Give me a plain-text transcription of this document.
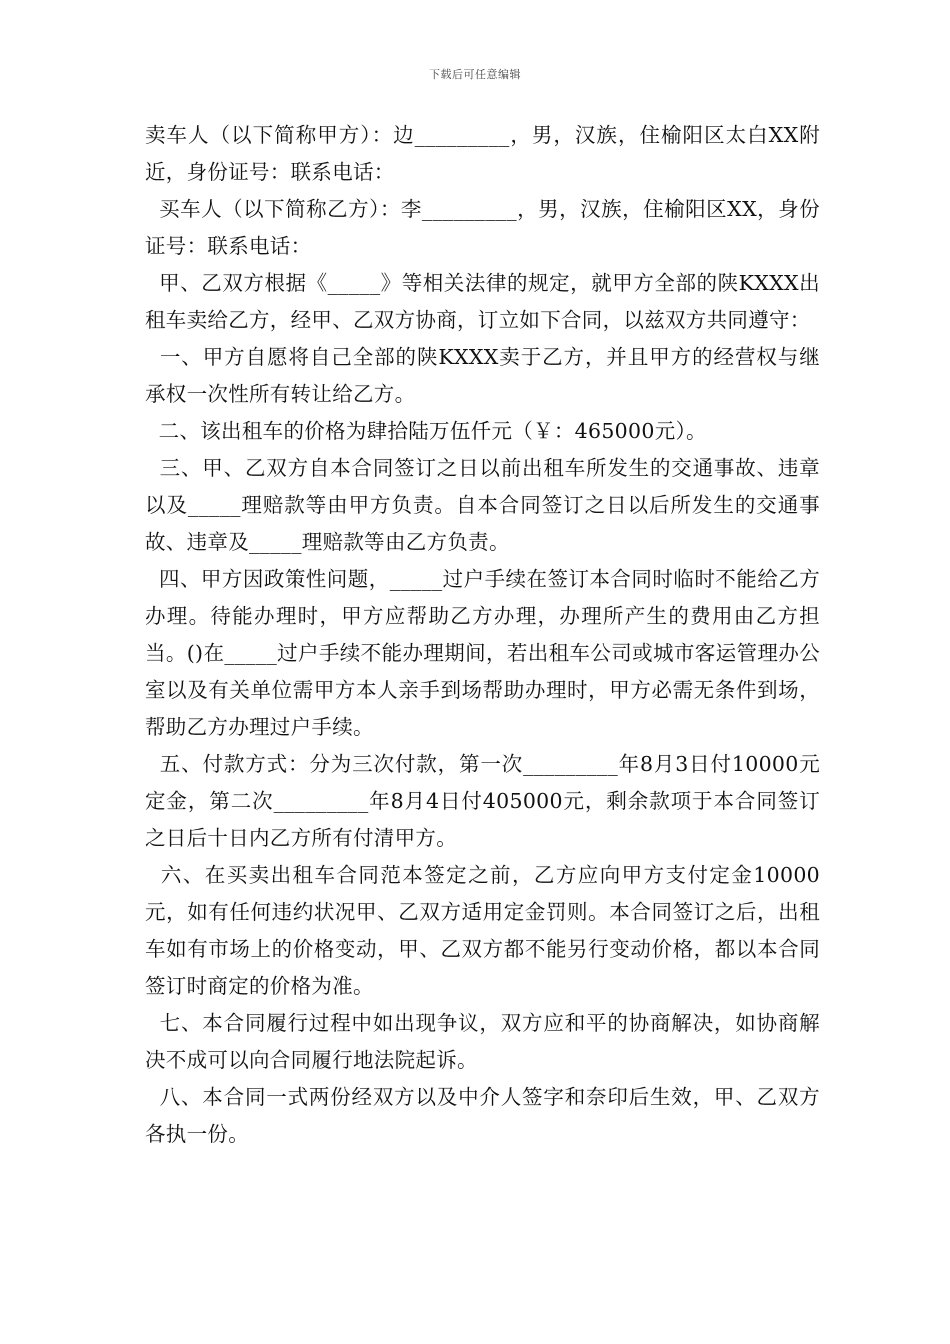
下载后可任意编辑

卖车人（以下简称甲方）：边_________，男，汉族，住榆阳区太白XX附近，身份证号：联系电话：

买车人（以下简称乙方）：李_________，男，汉族，住榆阳区XX，身份证号：联系电话：

甲、乙双方根据《_____》等相关法律的规定，就甲方全部的陕KXXX出租车卖给乙方，经甲、乙双方协商，订立如下合同，以兹双方共同遵守：

一、甲方自愿将自己全部的陕KXXX卖于乙方，并且甲方的经营权与继承权一次性所有转让给乙方。

二、该出租车的价格为肆拾陆万伍仟元（￥：465000元）。

三、甲、乙双方自本合同签订之日以前出租车所发生的交通事故、违章以及_____理赔款等由甲方负责。自本合同签订之日以后所发生的交通事故、违章及_____理赔款等由乙方负责。

四、甲方因政策性问题，_____过户手续在签订本合同时临时不能给乙方办理。待能办理时，甲方应帮助乙方办理，办理所产生的费用由乙方担当。()在_____过户手续不能办理期间，若出租车公司或城市客运管理办公室以及有关单位需甲方本人亲手到场帮助办理时，甲方必需无条件到场，帮助乙方办理过户手续。

五、付款方式：分为三次付款，第一次_________年8月3日付10000元定金，第二次_________年8月4日付405000元，剩余款项于本合同签订之日后十日内乙方所有付清甲方。

六、在买卖出租车合同范本签定之前，乙方应向甲方支付定金10000元，如有任何违约状况甲、乙双方适用定金罚则。本合同签订之后，出租车如有市场上的价格变动，甲、乙双方都不能另行变动价格，都以本合同签订时商定的价格为准。

七、本合同履行过程中如出现争议，双方应和平的协商解决，如协商解决不成可以向合同履行地法院起诉。

八、本合同一式两份经双方以及中介人签字和奈印后生效，甲、乙双方各执一份。
